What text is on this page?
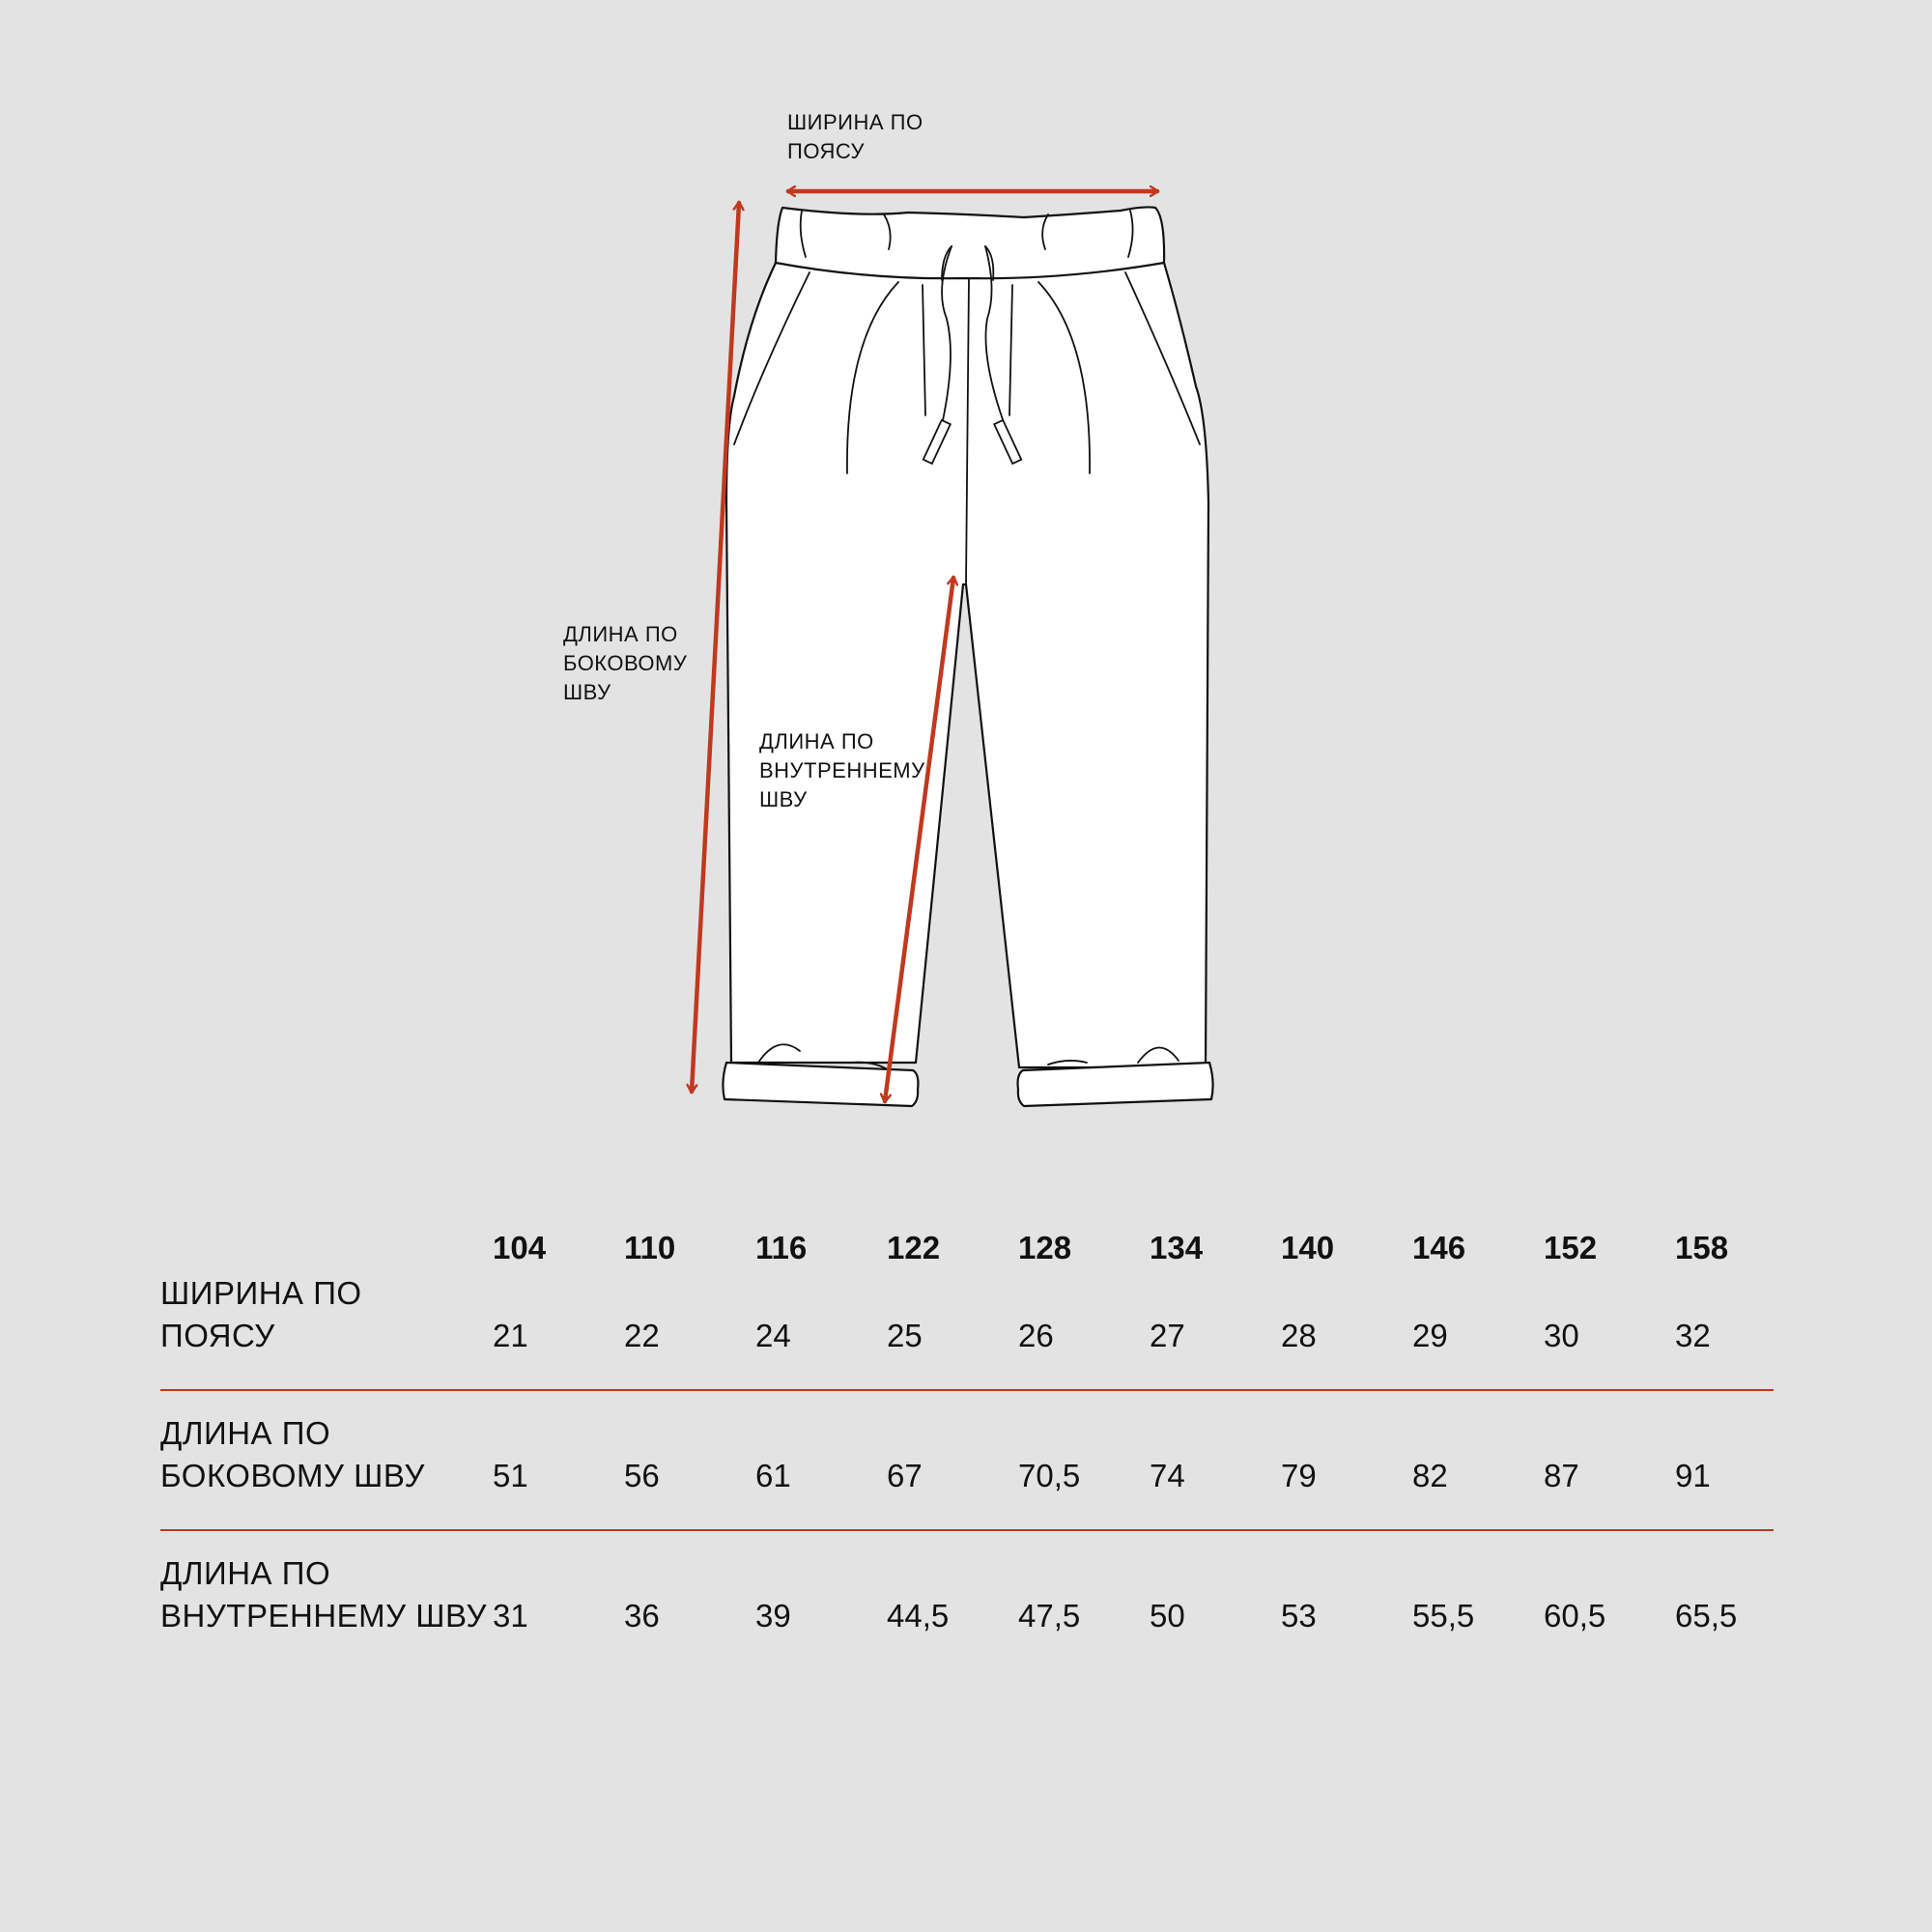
ШИРИНА ПО
ПОЯСУ

ДЛИНА ПО
БОКОВОМУ
ШВУ

ДЛИНА ПО
ВНУТРЕННЕМУ
ШВУ

104 110	116	122 128 134 140 146 152 158
ШИРИНА ПО
ПОЯСУ	21	22	24	25	26	27	28	29	30	32
ДЛИНА ПО
БОКОВОМУ ШВУ 51	56	61	67	70,5 74	79	82	87	91
ДЛИНА ПО
ВНУТРЕННЕМУ ШВУ 31	36	39	44,5 47,5 50	53	55,5 60,5 65,5
